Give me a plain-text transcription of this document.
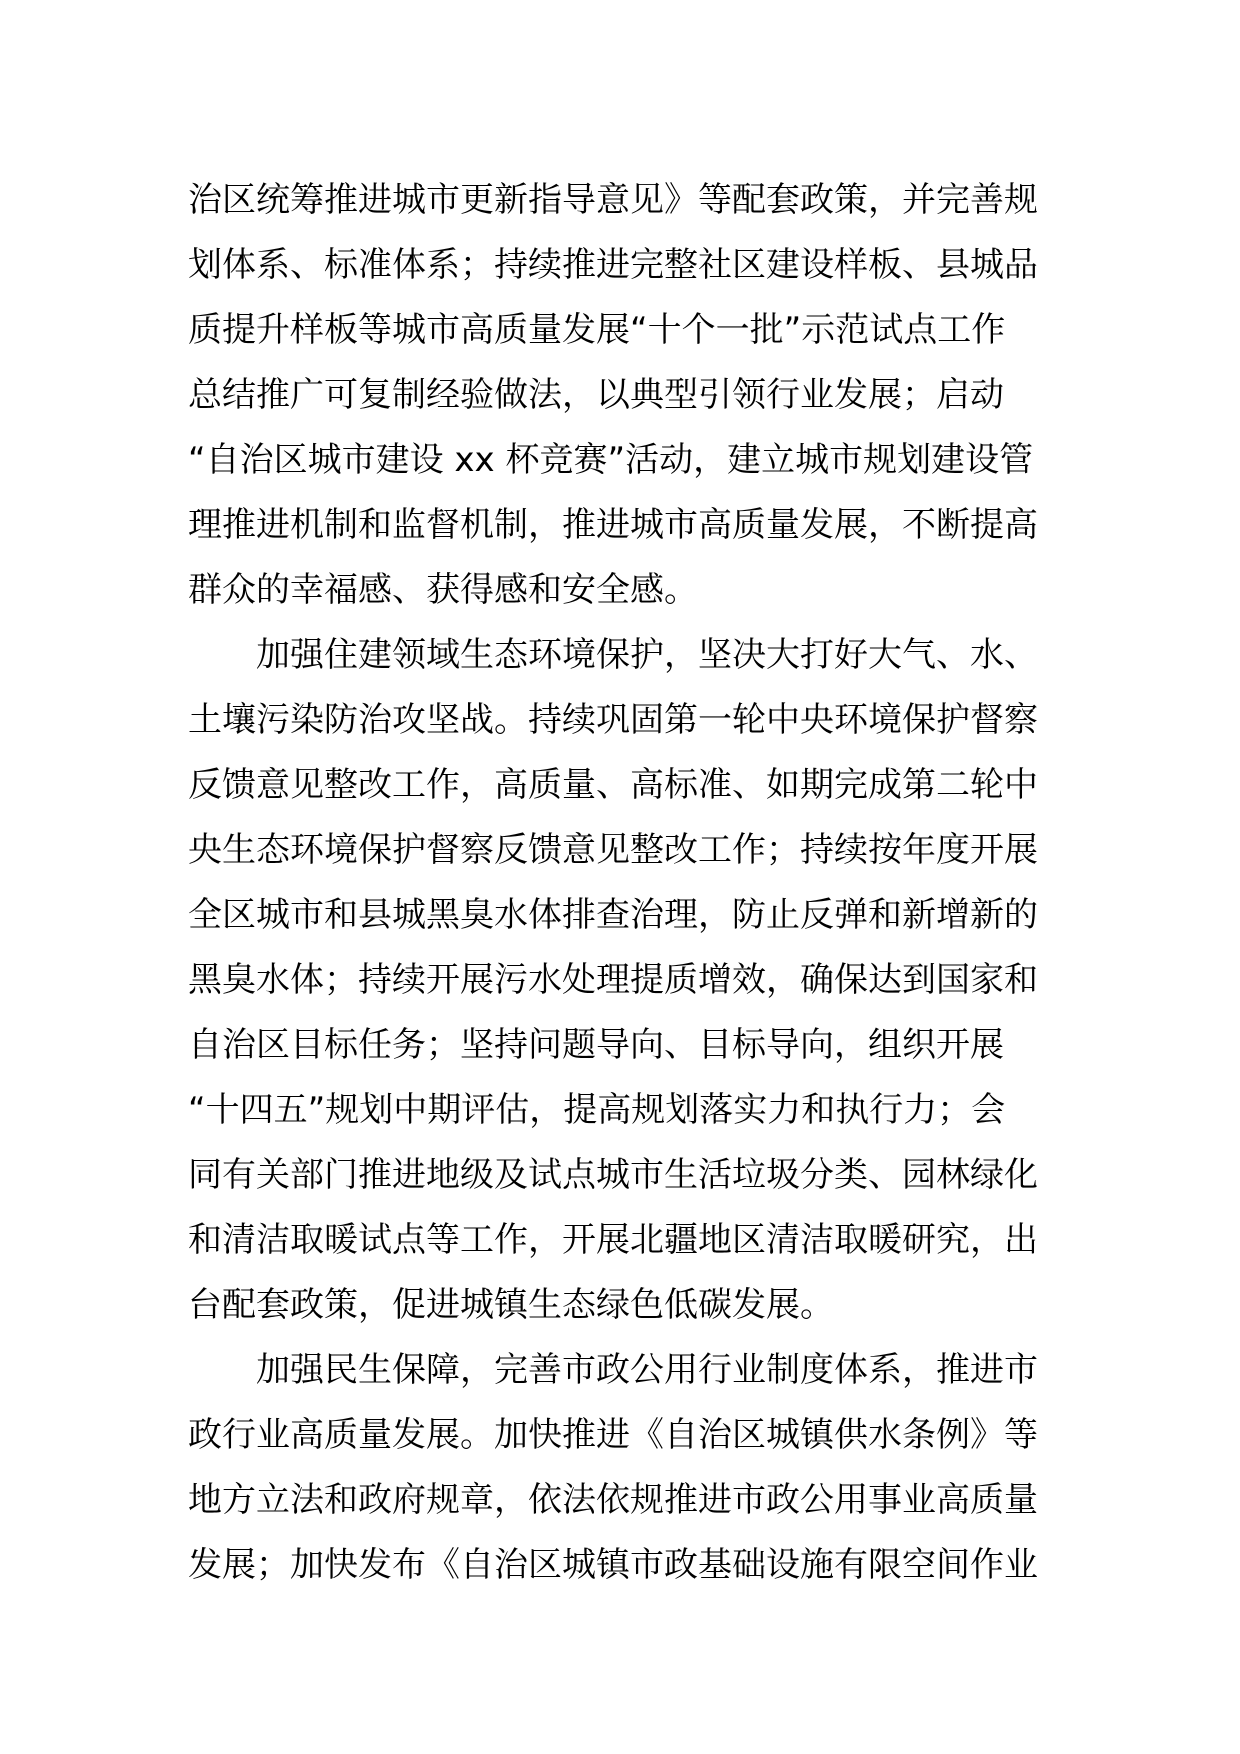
治区统筹推进城市更新指导意见》等配套政策，并完善规
划体系、标准体系；持续推进完整社区建设样板、县城品
质提升样板等城市高质量发展“十个一批”示范试点工作
总结推广可复制经验做法，以典型引领行业发展；启动
“自治区城市建设 xx 杯竞赛”活动，建立城市规划建设管
理推进机制和监督机制，推进城市高质量发展，不断提高
群众的幸福感、获得感和安全感。
加强住建领域生态环境保护，坚决大打好大气、水、
土壤污染防治攻坚战。持续巩固第一轮中央环境保护督察
反馈意见整改工作，高质量、高标准、如期完成第二轮中
央生态环境保护督察反馈意见整改工作；持续按年度开展
全区城市和县城黑臭水体排查治理，防止反弹和新增新的
黑臭水体；持续开展污水处理提质增效，确保达到国家和
自治区目标任务；坚持问题导向、目标导向，组织开展
“十四五”规划中期评估，提高规划落实力和执行力；会
同有关部门推进地级及试点城市生活垃圾分类、园林绿化
和清洁取暖试点等工作，开展北疆地区清洁取暖研究，出
台配套政策，促进城镇生态绿色低碳发展。
加强民生保障，完善市政公用行业制度体系，推进市
政行业高质量发展。加快推进《自治区城镇供水条例》等
地方立法和政府规章，依法依规推进市政公用事业高质量
发展；加快发布《自治区城镇市政基础设施有限空间作业
